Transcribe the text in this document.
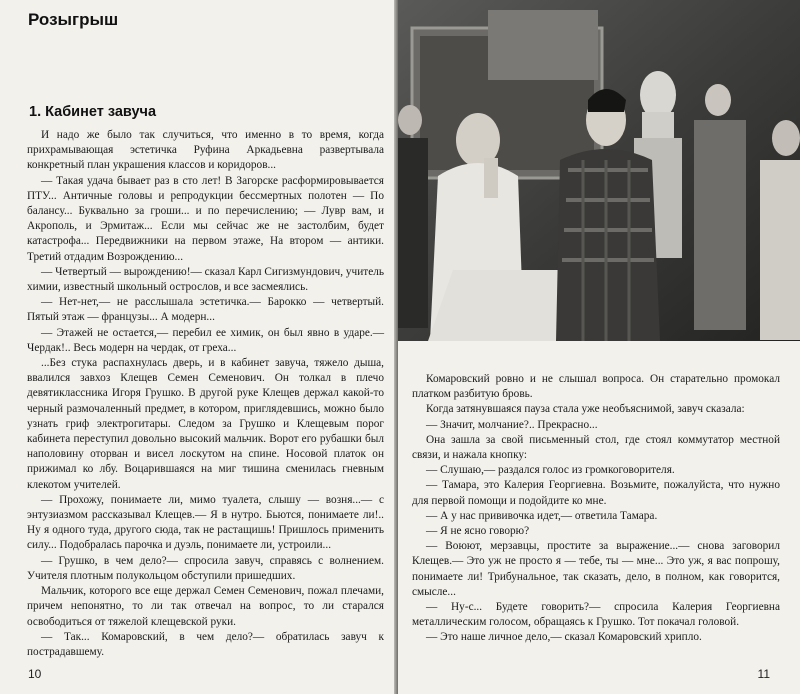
Розыгрыш
1. Кабинет завуча

И надо же было так случиться, что именно в то время, когда прихрамывающая эстетичка Руфина Аркадьевна развертывала конкретный план украшения классов и коридоров...

— Такая удача бывает раз в сто лет! В Загорске расформировывается ПТУ... Античные головы и репродукции бессмертных полотен — По балансу... Буквально за гроши... и по перечислению; — Лувр вам, и Акрополь, и Эрмитаж... Если мы сейчас же не застолбим, будет катастрофа... Передвижники на первом этаже, На втором — антики. Третий отдадим Возрождению...

— Четвертый — вырождению!— сказал Карл Сигизмундович, учитель химии, известный школьный острослов, и все засмеялись.

— Нет-нет,— не расслышала эстетичка.— Барокко — четвертый. Пятый этаж — французы... А модерн...

— Этажей не остается,— перебил ее химик, он был явно в ударе.— Чердак!.. Весь модерн на чердак, от греха...

...Без стука распахнулась дверь, и в кабинет завуча, тяжело дыша, ввалился завхоз Клещев Семен Семенович. Он толкал в плечо девятиклассника Игоря Грушко. В другой руке Клещев держал какой-то черный размочаленный предмет, в котором, приглядевшись, можно было узнать гриф электрогитары. Следом за Грушко и Клещевым порог кабинета переступил довольно высокий мальчик. Ворот его рубашки был наполовину оторван и висел лоскутом на спине. Носовой платок он прижимал ко лбу. Воцарившаяся на миг тишина сменилась гневным клекотом учителей.

— Прохожу, понимаете ли, мимо туалета, слышу — возня...— с энтузиазмом рассказывал Клещев.— Я в нутро. Бьются, понимаете ли!.. Ну я одного туда, другого сюда, так не растащишь! Пришлось применить силу... Подобралась парочка и дуэль, понимаете ли, устроили...

— Грушко, в чем дело?— спросила завуч, справясь с волнением. Учителя плотным полукольцом обступили пришедших.

Мальчик, которого все еще держал Семен Семенович, пожал плечами, причем непонятно, то ли так отвечал на вопрос, то ли старался освободиться от тяжелой клещевской руки.

— Так... Комаровский, в чем дело?— обратилась завуч к пострадавшему.

10

Комаровский ровно и не слышал вопроса. Он старательно промокал платком разбитую бровь.

Когда затянувшаяся пауза стала уже необъяснимой, завуч сказала:

— Значит, молчание?.. Прекрасно...

Она зашла за свой письменный стол, где стоял коммутатор местной связи, и нажала кнопку:

— Слушаю,— раздался голос из громкоговорителя.

— Тамара, это Калерия Георгиевна. Возьмите, пожалуйста, что нужно для первой помощи и подойдите ко мне.

— А у нас прививочка идет,— ответила Тамара.

— Я не ясно говорю?

— Воюют, мерзавцы, простите за выражение...— снова заговорил Клещев.— Это уж не просто я — тебе, ты — мне... Это уж, я вас попрошу, понимаете ли! Трибунальное, так сказать, дело, в полном, как говорится, смысле...

— Ну-с... Будете говорить?— спросила Калерия Георгиевна металлическим голосом, обращаясь к Грушко. Тот покачал головой.

— Это наше личное дело,— сказал Комаровский хрипло.

11
